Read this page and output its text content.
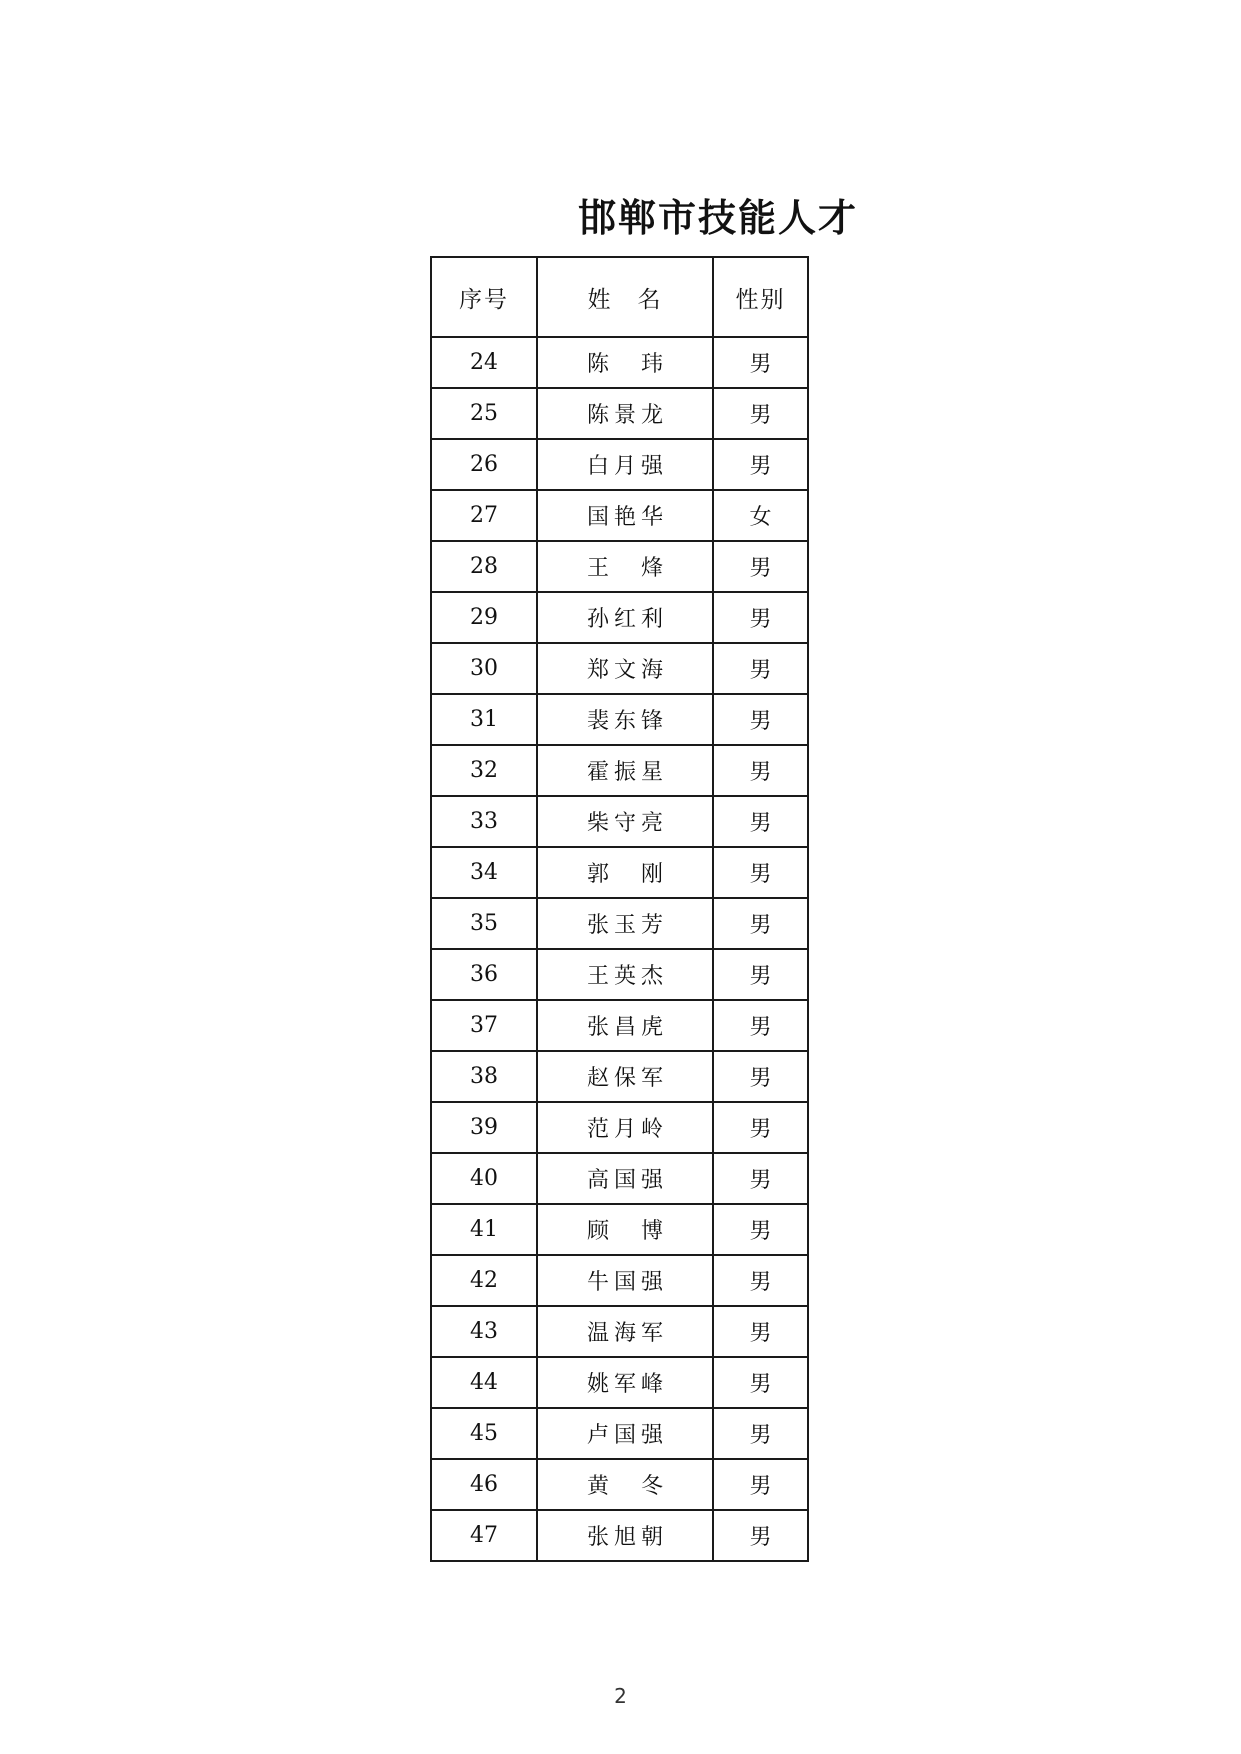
邯郸市技能人才
序号	姓　名	性别
24	陈　玮	男
25	陈景龙	男
26	白月强	男
27	国艳华	女
28	王　烽	男
29	孙红利	男
30	郑文海	男
31	裴东锋	男
32	霍振星	男
33	柴守亮	男
34	郭　刚	男
35	张玉芳	男
36	王英杰	男
37	张昌虎	男
38	赵保军	男
39	范月岭	男
40	高国强	男
41	顾　博	男
42	牛国强	男
43	温海军	男
44	姚军峰	男
45	卢国强	男
46	黄　冬	男
47	张旭朝	男
2
